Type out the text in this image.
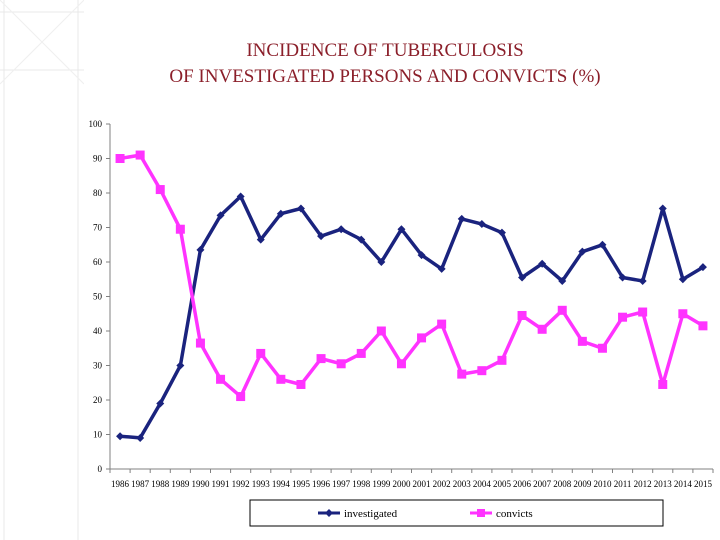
INCIDENCE OF TUBERCULOSIS
OF INVESTIGATED PERSONS AND CONVICTS (%)
0
10
20
30
40
50
60
70
80
90
100
1986 1987 1988 1989 1990 1991 1992 1993 1994 1995 1996 1997 1998 1999 2000 2001 2002 2003 2004 2005 2006 2007 2008 2009 2010 2011 2012 2013 2014 2015
investigated	convicts
